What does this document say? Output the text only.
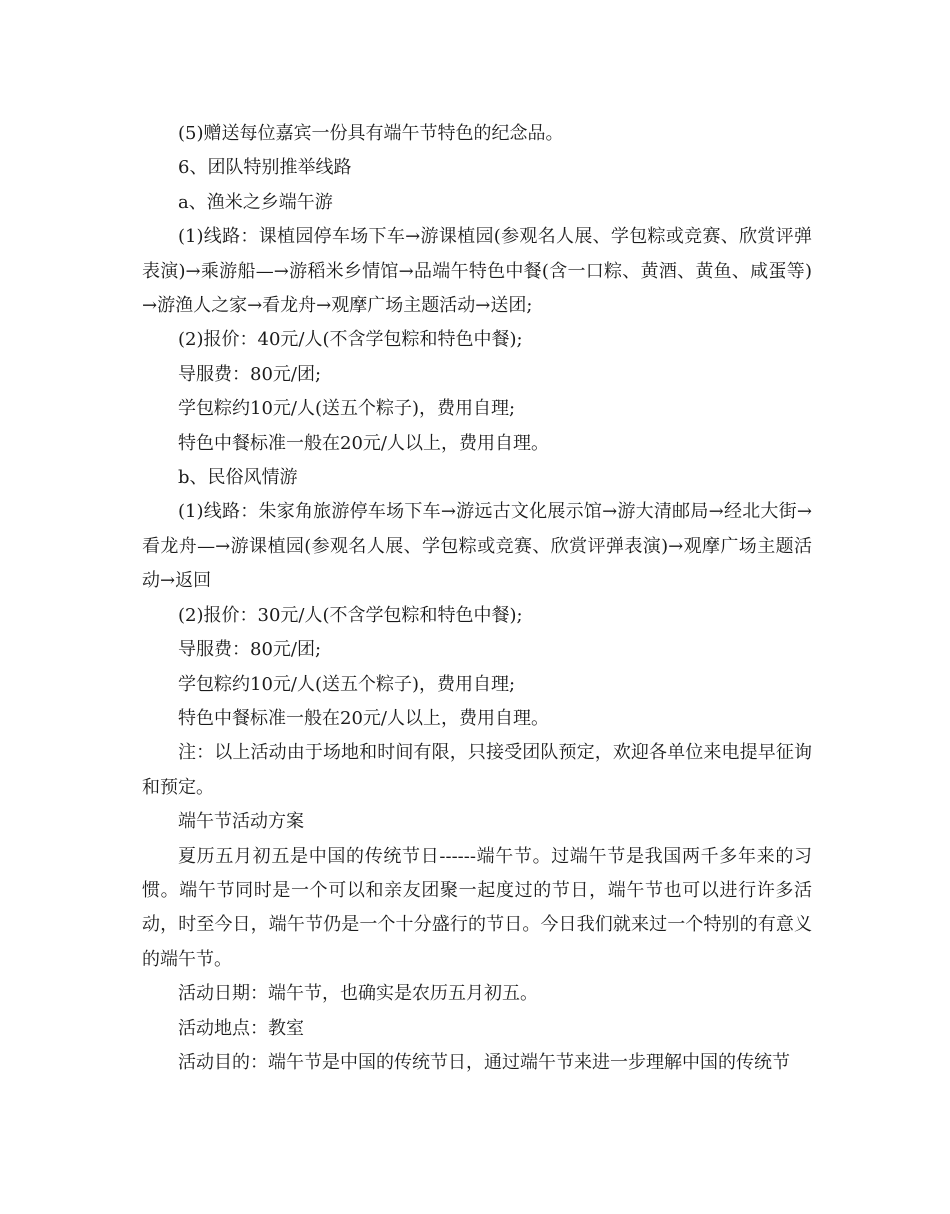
(5)赠送每位嘉宾一份具有端午节特色的纪念品。

6、团队特别推举线路

a、渔米之乡端午游

(1)线路：课植园停车场下车→游课植园(参观名人展、学包粽或竞赛、欣赏评弹表演)→乘游船—→游稻米乡情馆→品端午特色中餐(含一口粽、黄酒、黄鱼、咸蛋等)→游渔人之家→看龙舟→观摩广场主题活动→送团;

(2)报价：40元/人(不含学包粽和特色中餐);

导服费：80元/团;

学包粽约10元/人(送五个粽子)，费用自理;

特色中餐标准一般在20元/人以上，费用自理。

b、民俗风情游

(1)线路：朱家角旅游停车场下车→游远古文化展示馆→游大清邮局→经北大街→看龙舟—→游课植园(参观名人展、学包粽或竞赛、欣赏评弹表演)→观摩广场主题活动→返回

(2)报价：30元/人(不含学包粽和特色中餐);

导服费：80元/团;

学包粽约10元/人(送五个粽子)，费用自理;

特色中餐标准一般在20元/人以上，费用自理。

注：以上活动由于场地和时间有限，只接受团队预定，欢迎各单位来电提早征询和预定。

端午节活动方案

夏历五月初五是中国的传统节日------端午节。过端午节是我国两千多年来的习惯。端午节同时是一个可以和亲友团聚一起度过的节日，端午节也可以进行许多活动，时至今日，端午节仍是一个十分盛行的节日。今日我们就来过一个特别的有意义的端午节。

活动日期：端午节，也确实是农历五月初五。

活动地点：教室

活动目的：端午节是中国的传统节日，通过端午节来进一步理解中国的传统节
